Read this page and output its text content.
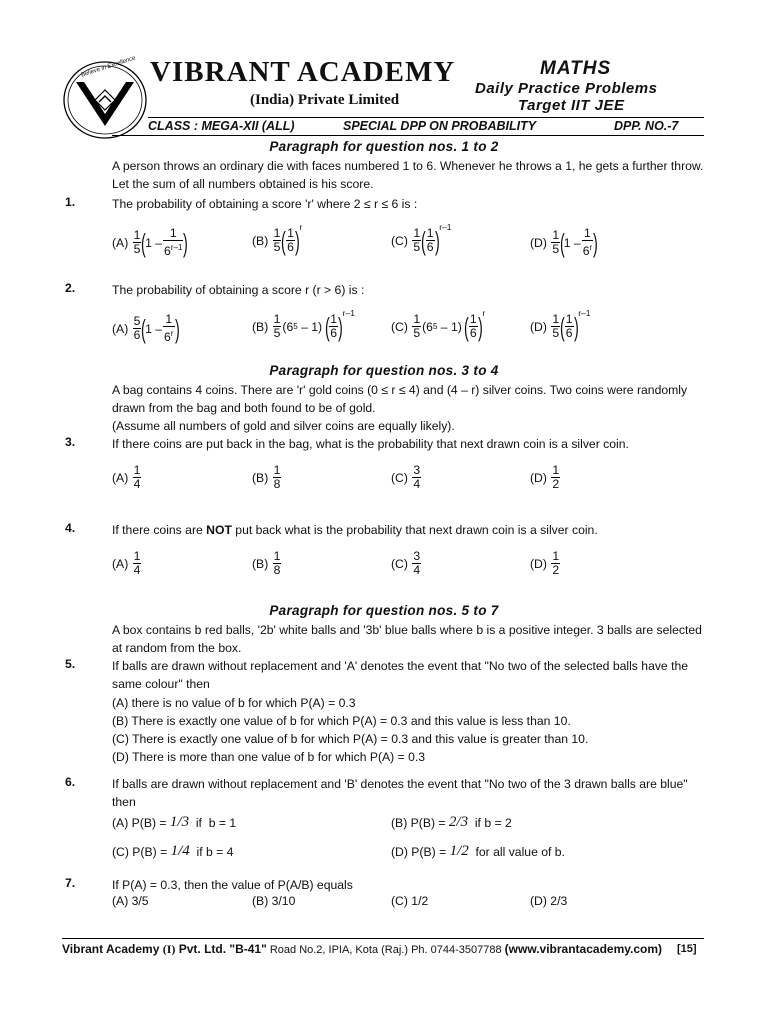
Believe in Excellence VIBRANT ACADEMY
(India) Private Limited
MATHS
Daily Practice Problems
Target IIT JEE
CLASS : MEGA-XII (ALL)	SPECIAL DPP ON PROBABILITY	DPP. NO.-7
Paragraph for question nos. 1 to 2
A person throws an ordinary die with faces numbered 1 to 6. Whenever he throws a 1, he gets a further throw.
Let the sum of all numbers obtained is his score.
1.	The probability of obtaining a score 'r' where 2 ≤ r ≤ 6 is :
(A)

1
5 (
1 –
1
6$^{r-1}$ )	(B)

1
5 ( 1
6 ) r
(C)

1
5 ( 1
6 ) r–1
(D)

1
5 (
1 –
1
6$^r$ )
2.	The probability of obtaining a score r (r > 6) is :
(A)

5
6 (
1 –
1
6$^r$ )	(B)

1
5 (6 5
– 1)
( 1
6 ) r–1
(C)

1
5 (6 5
– 1)
( 1
6 ) r
(D)

1
5 ( 1
6 ) r–1
Paragraph for question nos. 3 to 4
A bag contains 4 coins. There are 'r' gold coins (0 ≤ r ≤ 4) and (4 – r) silver coins. Two coins were randomly
drawn from the bag and both found to be of gold.
(Assume all numbers of gold and silver coins are equally likely).
3.	If there coins are put back in the bag, what is the probability that next drawn coin is a silver coin.
(A)

1
4	(B)

1
8	(C)

3
4	(D)

1
2
4.	If there coins are NOT put back what is the probability that next drawn coin is a silver coin.
(A)

1
4	(B)

1
8	(C)

3
4	(D)

1
2
Paragraph for question nos. 5 to 7
A box contains b red balls, '2b' white balls and '3b' blue balls where b is a positive integer. 3 balls are selected
at random from the box.
5.	If balls are drawn without replacement and 'A' denotes the event that "No two of the selected balls have the
same colour" then
(A) there is no value of b for which P(A) = 0.3
(B) There is exactly one value of b for which P(A) = 0.3 and this value is less than 10.
(C) There is exactly one value of b for which P(A) = 0.3 and this value is greater than 10.
(D) There is more than one value of b for which P(A) = 0.3
6.	If balls are drawn without replacement and 'B' denotes the event that "No two of the 3 drawn balls are blue"
then
(A) P(B) =
1/3 if  b = 1	(B) P(B) =
2/3 if b = 2
(C) P(B) =
1/4 if b = 4	(D) P(B) =
1/2 for all value of b.
7.	If P(A) = 0.3, then the value of P(A/B) equals
(A) 3/5	(B) 3/10	(C) 1/2	(D) 2/3
Vibrant Academy (I) Pvt. Ltd. "B-41" Road No.2, IPIA, Kota (Raj.) Ph. 0744-3507788 (www.vibrantacademy.com) [15]
